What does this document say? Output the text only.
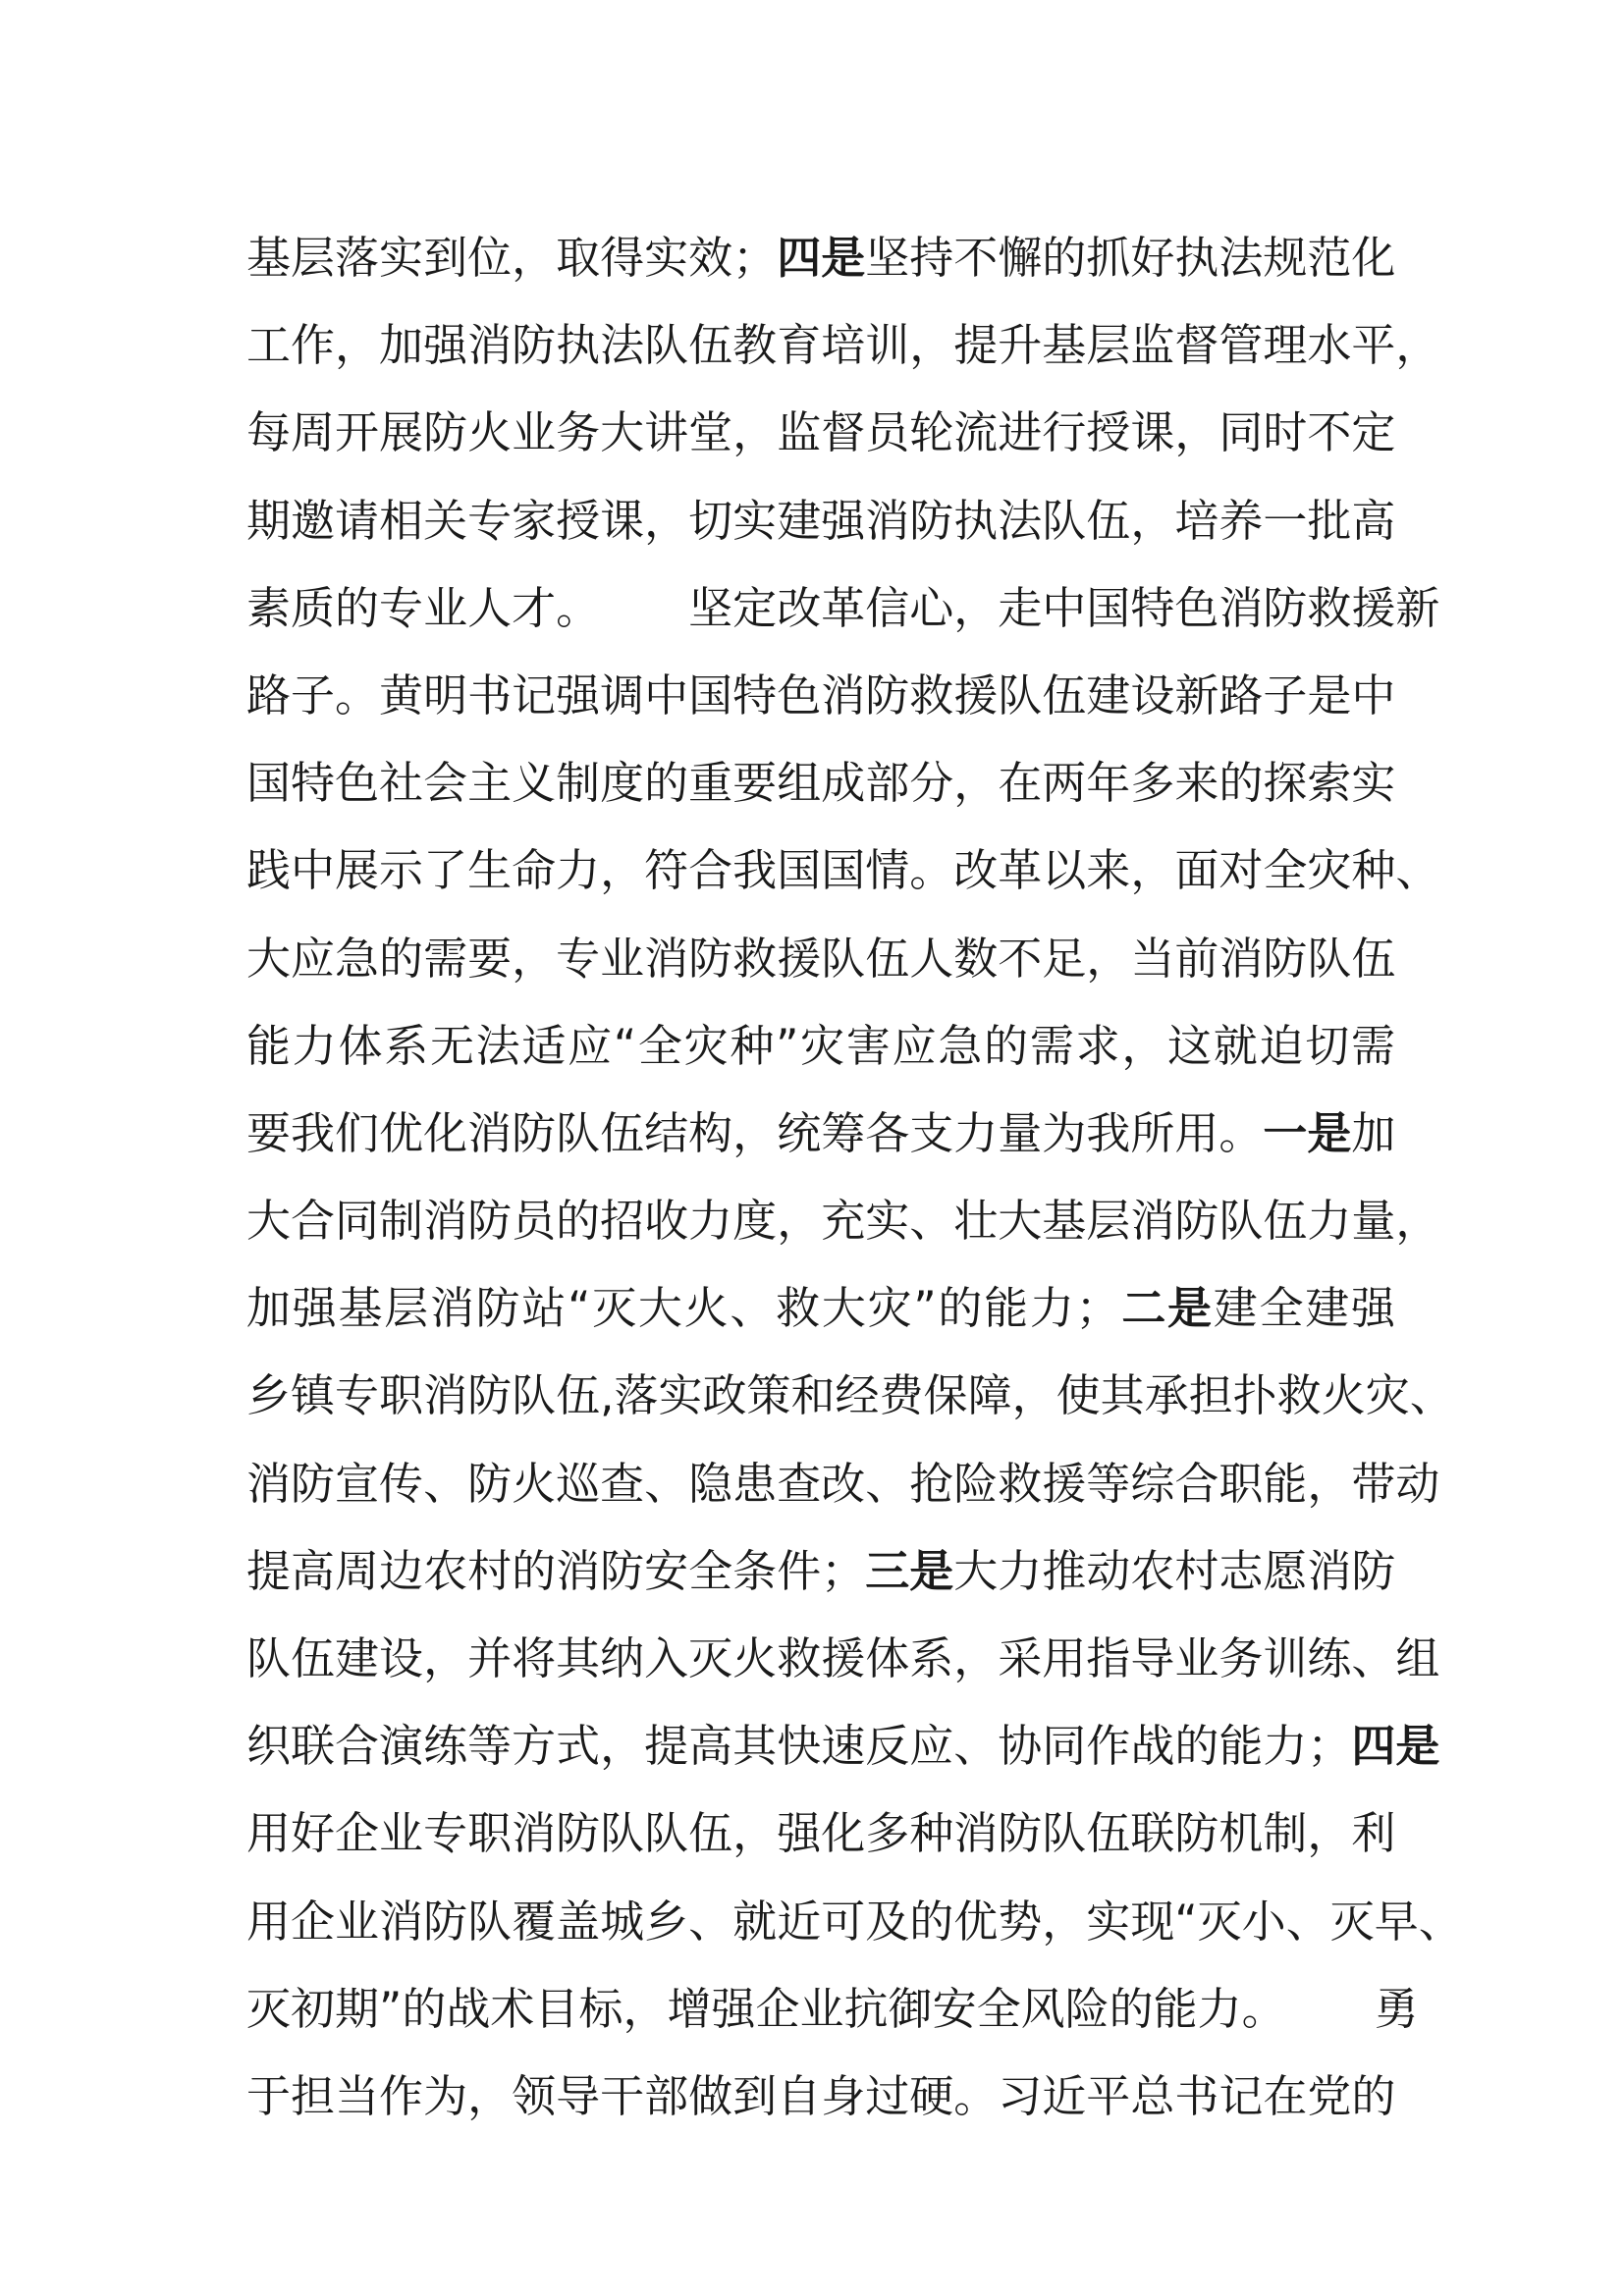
基 层 落 实 到 位 ， 取 得 实 效 ； 四 是 坚 持 不 懈 的 抓 好 执 法 规 范 化
工 作 ， 加 强 消 防 执 法 队 伍 教 育 培 训 ， 提 升 基 层 监 督 管 理 水 平 ，
每 周 开 展 防 火 业 务 大 讲 堂 ， 监 督 员 轮 流 进 行 授 课 ， 同 时 不 定
期 邀 请 相 关 专 家 授 课 ， 切 实 建 强 消 防 执 法 队 伍 ， 培 养 一 批 高
素 质 的 专 业 人 才 。

　 坚 定 改 革 信 心 ， 走 中 国 特 色 消 防 救 援 新
路 子 。 黄 明 书 记 强 调 中 国 特 色 消 防 救 援 队 伍 建 设 新 路 子 是 中
国 特 色 社 会 主 义 制 度 的 重 要 组 成 部 分 ， 在 两 年 多 来 的 探 索 实
践 中 展 示 了 生 命 力 ， 符 合 我 国 国 情 。 改 革 以 来 ， 面 对 全 灾 种 、
大 应 急 的 需 要 ， 专 业 消 防 救 援 队 伍 人 数 不 足 ， 当 前 消 防 队 伍
能 力 体 系 无 法 适 应 “ 全 灾 种 ” 灾 害 应 急 的 需 求 ， 这 就 迫 切 需
要 我 们 优 化 消 防 队 伍 结 构 ， 统 筹 各 支 力 量 为 我 所 用 。 一 是 加
大 合 同 制 消 防 员 的 招 收 力 度 ， 充 实 、 壮 大 基 层 消 防 队 伍 力 量 ，
加 强 基 层 消 防 站 “ 灭 大 火 、 救 大 灾 ” 的 能 力 ； 二 是 建 全 建 强
乡 镇 专 职 消 防 队 伍 , 落 实 政 策 和 经 费 保 障 ， 使 其 承 担 扑 救 火 灾 、
消 防 宣 传 、 防 火 巡 查 、 隐 患 查 改 、 抢 险 救 援 等 综 合 职 能 ， 带 动
提 高 周 边 农 村 的 消 防 安 全 条 件 ； 三 是 大 力 推 动 农 村 志 愿 消 防
队 伍 建 设 ， 并 将 其 纳 入 灭 火 救 援 体 系 ， 采 用 指 导 业 务 训 练 、 组
织 联 合 演 练 等 方 式 ， 提 高 其 快 速 反 应 、 协 同 作 战 的 能 力 ； 四 是
用 好 企 业 专 职 消 防 队 队 伍 ， 强 化 多 种 消 防 队 伍 联 防 机 制 ， 利
用 企 业 消 防 队 覆 盖 城 乡 、 就 近 可 及 的 优 势 ， 实 现 “ 灭 小 、 灭 早 、
灭 初 期 ” 的 战 术 目 标 ， 增 强 企 业 抗 御 安 全 风 险 的 能 力 。

　 勇
于 担 当 作 为 ， 领 导 干 部 做 到 自 身 过 硬 。 习 近 平 总 书 记 在 党 的
